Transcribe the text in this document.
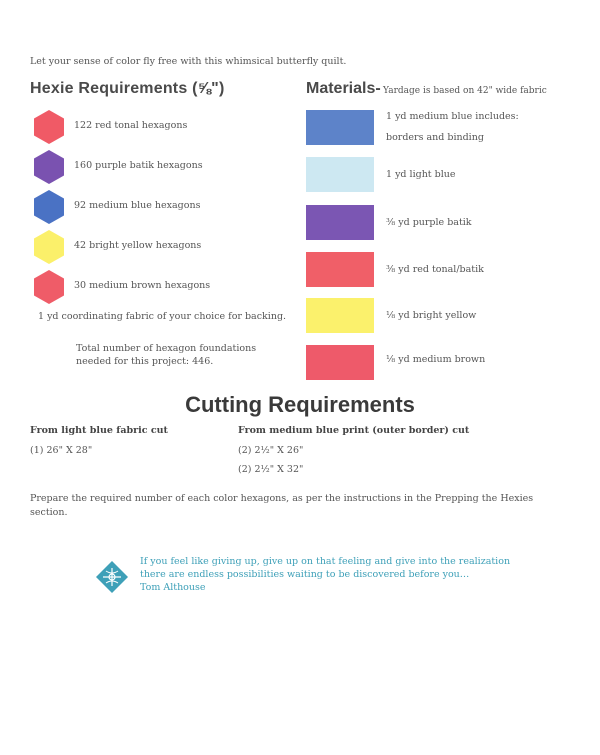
Let your sense of color fly free with this whimsical butterfly quilt.
Hexie Requirements (⅝")
122 red tonal hexagons
160 purple batik hexagons
92 medium blue hexagons
42 bright yellow hexagons
30 medium brown hexagons
1 yd coordinating fabric of your choice for backing.
Total number of hexagon foundations
needed for this project: 446.
Materials- Yardage is based on 42" wide fabric
1 yd medium blue includes:
borders and binding
1 yd light blue
⅜ yd purple batik
⅜ yd red tonal/batik
⅛ yd bright yellow
⅛ yd medium brown
Cutting Requirements
From light blue fabric cut
(1) 26" X 28"
From medium blue print (outer border) cut
(2) 2½" X 26"
(2) 2½" X 32"
Prepare the required number of each color hexagons, as per the instructions in the Prepping the Hexies section.
If you feel like giving up, give up on that feeling and give into the realization
there are endless possibilities waiting to be discovered before you…
Tom Althouse
